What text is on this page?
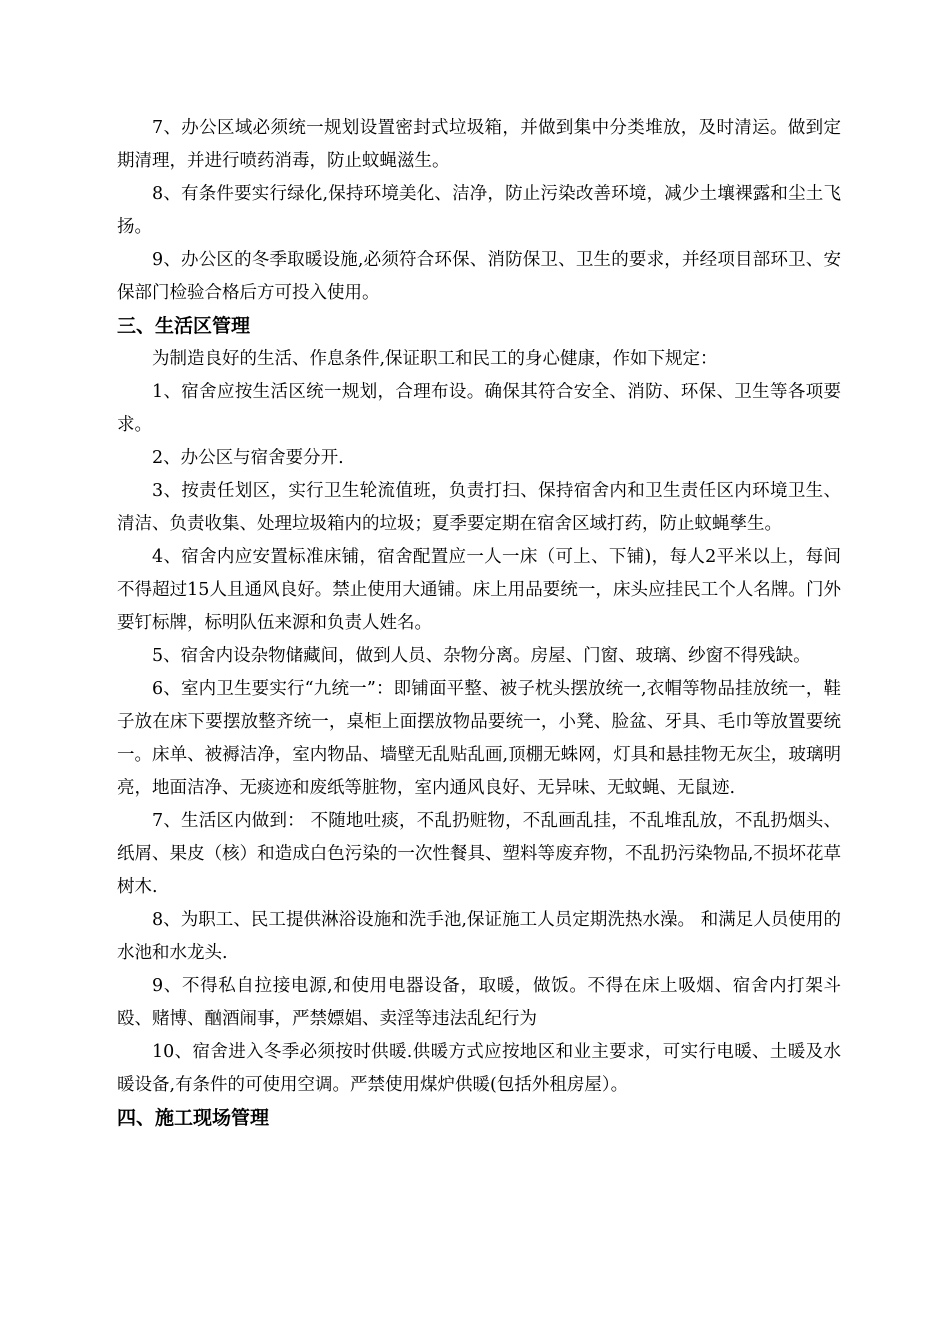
7、办公区域必须统一规划设置密封式垃圾箱，并做到集中分类堆放，及时清运。做到定期清理，并进行喷药消毒，防止蚊蝇滋生。

8、有条件要实行绿化,保持环境美化、洁净，防止污染改善环境，减少土壤裸露和尘土飞扬。

9、办公区的冬季取暖设施,必须符合环保、消防保卫、卫生的要求，并经项目部环卫、安保部门检验合格后方可投入使用。

三、生活区管理

为制造良好的生活、作息条件,保证职工和民工的身心健康，作如下规定：

1、宿舍应按生活区统一规划，合理布设。确保其符合安全、消防、环保、卫生等各项要求。

2、办公区与宿舍要分开.

3、按责任划区，实行卫生轮流值班，负责打扫、保持宿舍内和卫生责任区内环境卫生、清洁、负责收集、处理垃圾箱内的垃圾；夏季要定期在宿舍区域打药，防止蚊蝇孳生。

4、宿舍内应安置标准床铺，宿舍配置应一人一床（可上、下铺)，每人2平米以上，每间不得超过15人且通风良好。禁止使用大通铺。床上用品要统一，床头应挂民工个人名牌。门外要钉标牌，标明队伍来源和负责人姓名。

5、宿舍内设杂物储藏间，做到人员、杂物分离。房屋、门窗、玻璃、纱窗不得残缺。

6、室内卫生要实行“九统一”：即铺面平整、被子枕头摆放统一,衣帽等物品挂放统一，鞋子放在床下要摆放整齐统一，桌柜上面摆放物品要统一，小凳、脸盆、牙具、毛巾等放置要统一。床单、被褥洁净，室内物品、墙壁无乱贴乱画,顶棚无蛛网，灯具和悬挂物无灰尘，玻璃明亮，地面洁净、无痰迹和废纸等脏物，室内通风良好、无异味、无蚊蝇、无鼠迹.

7、生活区内做到： 不随地吐痰，不乱扔赃物，不乱画乱挂，不乱堆乱放，不乱扔烟头、纸屑、果皮（核）和造成白色污染的一次性餐具、塑料等废弃物，不乱扔污染物品,不损坏花草树木.

8、为职工、民工提供淋浴设施和洗手池,保证施工人员定期洗热水澡。 和满足人员使用的水池和水龙头.

9、不得私自拉接电源,和使用电器设备，取暖，做饭。不得在床上吸烟、宿舍内打架斗殴、赌博、酗酒闹事，严禁嫖娼、卖淫等违法乱纪行为

10、宿舍进入冬季必须按时供暖.供暖方式应按地区和业主要求，可实行电暖、土暖及水暖设备,有条件的可使用空调。严禁使用煤炉供暖(包括外租房屋）。

四、施工现场管理
